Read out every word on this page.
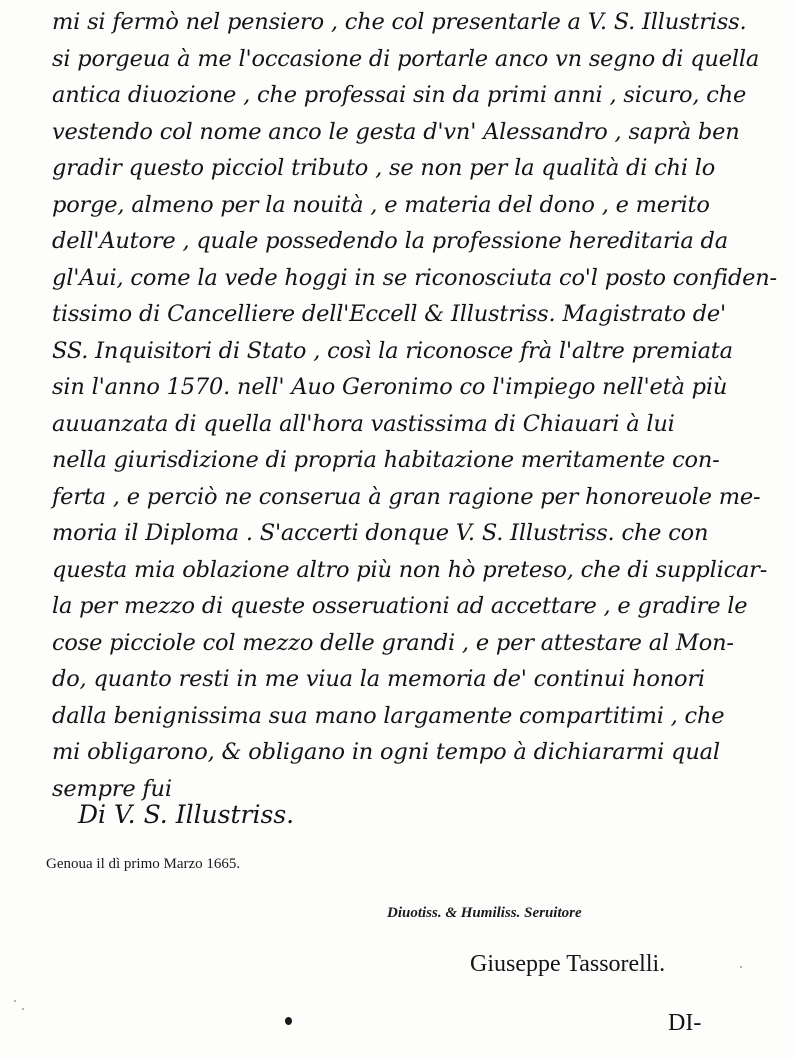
mi si fermò nel pensiero , che col presentarle a V. S. Illustriss.
si porgeua à me l'occasione di portarle anco vn segno di quella
antica diuozione , che professai sin da primi anni , sicuro, che
vestendo col nome anco le gesta d'vn' Alessandro , saprà ben
gradir questo picciol tributo , se non per la qualità di chi lo
porge, almeno per la nouità , e materia del dono , e merito
dell'Autore , quale possedendo la professione hereditaria da
gl'Aui, come la vede hoggi in se riconosciuta co'l posto confiden-
tissimo di Cancelliere dell'Eccell & Illustriss. Magistrato de'
SS. Inquisitori di Stato , così la riconosce frà l'altre premiata
sin l'anno 1570. nell' Auo Geronimo co l'impiego nell'età più
auuanzata di quella all'hora vastissima di Chiauari à lui
nella giurisdizione di propria habitazione meritamente con-
ferta , e perciò ne conserua à gran ragione per honoreuole me-
moria il Diploma . S'accerti donque V. S. Illustriss. che con
questa mia oblazione altro più non hò preteso, che di supplicar-
la per mezzo di queste osseruationi ad accettare , e gradire le
cose picciole col mezzo delle grandi , e per attestare al Mon-
do, quanto resti in me viua la memoria de' continui honori
dalla benignissima sua mano largamente compartitimi , che
mi obligarono, & obligano in ogni tempo à dichiararmi qual
sempre fui
Di V. S. Illustriss.
Genoua il dì primo Marzo 1665.
Diuotiss. & Humiliss. Seruitore
Giuseppe Tassorelli.
DI-
